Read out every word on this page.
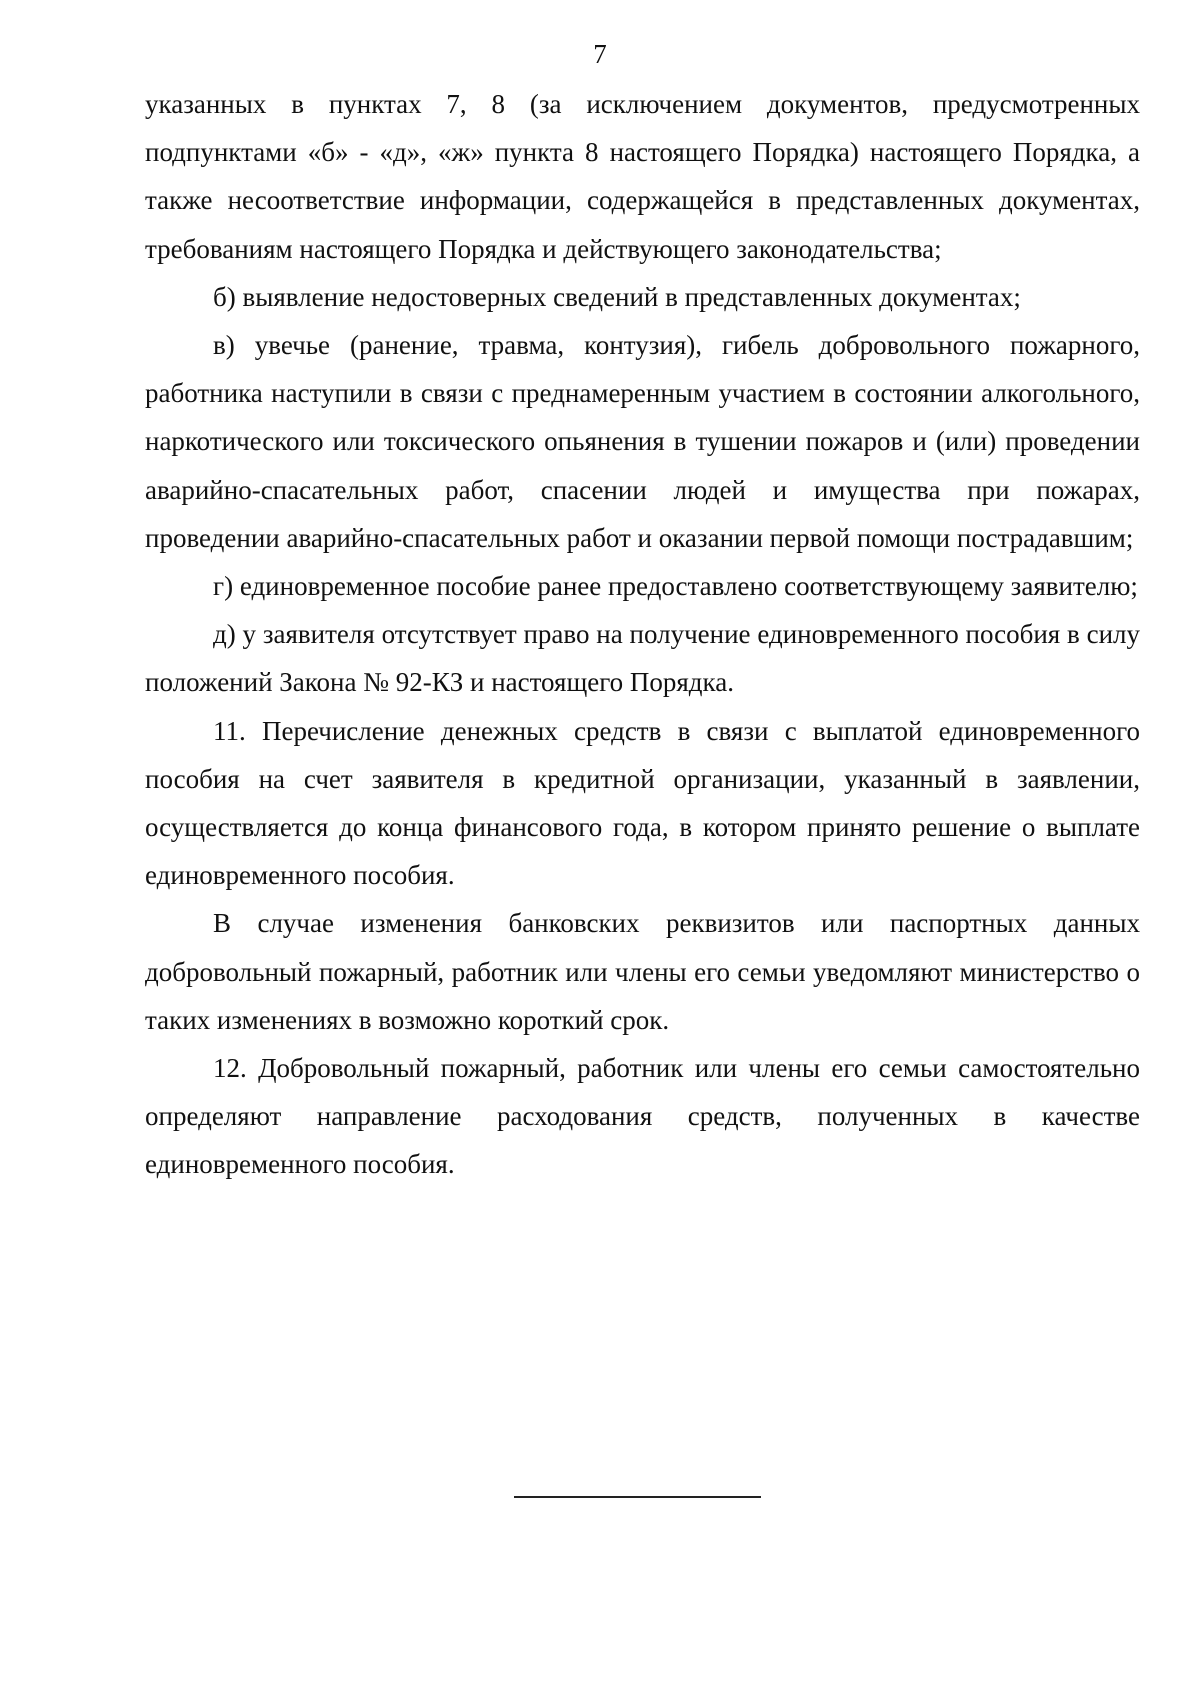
7

указанных в пунктах 7, 8 (за исключением документов, предусмотренных подпунктами «б» - «д», «ж» пункта 8 настоящего Порядка) настоящего Порядка, а также несоответствие информации, содержащейся в представленных документах, требованиям настоящего Порядка и действующего законодательства;

б) выявление недостоверных сведений в представленных документах;

в) увечье (ранение, травма, контузия), гибель добровольного пожарного, работника наступили в связи с преднамеренным участием в состоянии алкогольного, наркотического или токсического опьянения в тушении пожаров и (или) проведении аварийно-спасательных работ, спасении людей и имущества при пожарах, проведении аварийно-спасательных работ и оказании первой помощи пострадавшим;

г) единовременное пособие ранее предоставлено соответствующему заявителю;

д) у заявителя отсутствует право на получение единовременного пособия в силу положений Закона № 92-КЗ и настоящего Порядка.

11. Перечисление денежных средств в связи с выплатой единовременного пособия на счет заявителя в кредитной организации, указанный в заявлении, осуществляется до конца финансового года, в котором принято решение о выплате единовременного пособия.

В случае изменения банковских реквизитов или паспортных данных добровольный пожарный, работник или члены его семьи уведомляют министерство о таких изменениях в возможно короткий срок.

12. Добровольный пожарный, работник или члены его семьи самостоятельно определяют направление расходования средств, полученных в качестве единовременного пособия.
